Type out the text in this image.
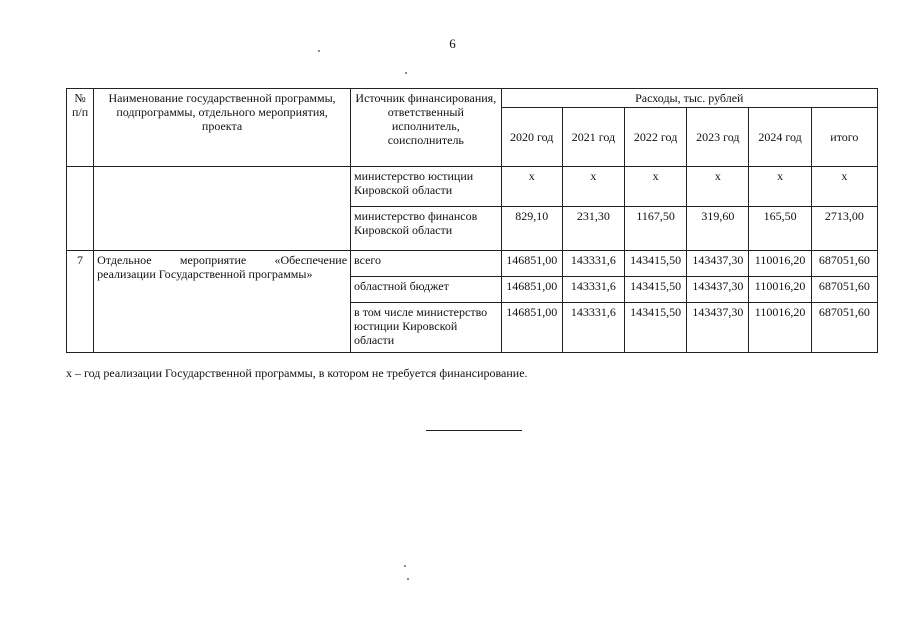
6
№ п/п	Наименование государственной программы, подпрограммы, отдельного мероприятия, проекта	Источник финансирования, ответственный исполнитель, соисполнитель	Расходы, тыс. рублей					
			2020 год	2021 год	2022 год	2023 год	2024 год	итого
		министерство юстиции Кировской области	x	x	x	x	x	x
		министерство финансов Кировской области	829,10	231,30	1167,50	319,60	165,50	2713,00
7	Отдельное мероприятие «Обеспечение реализации Государственной программы»	всего	146851,00	143331,6	143415,50	143437,30	110016,20	687051,60
		областной бюджет	146851,00	143331,6	143415,50	143437,30	110016,20	687051,60
		в том числе министерство юстиции Кировской области	146851,00	143331,6	143415,50	143437,30	110016,20	687051,60
x – год реализации Государственной программы, в котором не требуется финансирование.
